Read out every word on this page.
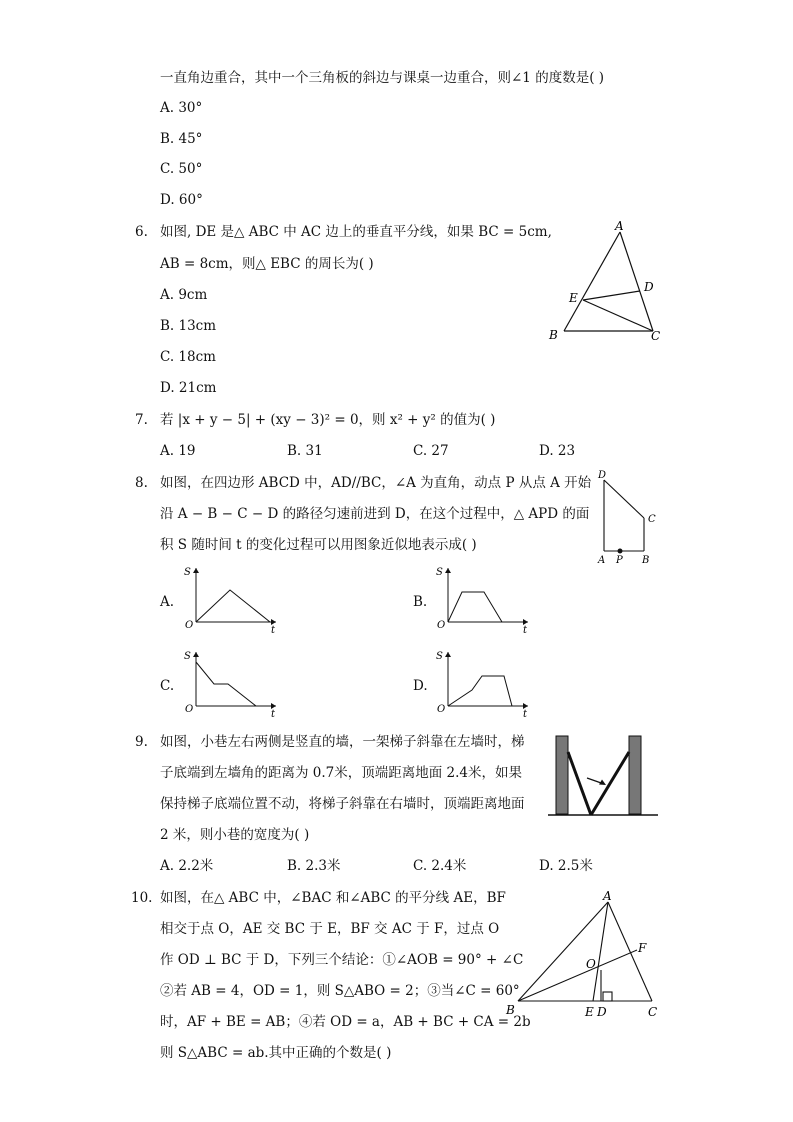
一直角边重合，其中一个三角板的斜边与课桌一边重合，则∠1 的度数是( )
A. 30°
B. 45°
C. 50°
D. 60°
6. 如图, DE 是△ ABC 中 AC 边上的垂直平分线，如果 BC = 5cm,
AB = 8cm，则△ EBC 的周长为( )
A. 9cm
B. 13cm
C. 18cm
D. 21cm
A
D
E
B	C
7. 若 |x + y − 5| + (xy − 3)² = 0，则 x² + y² 的值为( )
A. 19	B. 31	C. 27	D. 23
8. 如图，在四边形 ABCD 中，AD//BC，∠A 为直角，动点 P 从点 A 开始
沿 A − B − C − D 的路径匀速前进到 D，在这个过程中，△ APD 的面
积 S 随时间 t 的变化过程可以用图象近似地表示成( )
D
C
A P B
A.
S
O	t
B.
S
O	t
C.
S
O	t
D.
S
O	t
9. 如图，小巷左右两侧是竖直的墙，一架梯子斜靠在左墙时，梯
子底端到左墙角的距离为 0.7米，顶端距离地面 2.4米，如果
保持梯子底端位置不动，将梯子斜靠在右墙时，顶端距离地面
2 米，则小巷的宽度为( )
A. 2.2米	B. 2.3米	C. 2.4米	D. 2.5米
10. 如图，在△ ABC 中，∠BAC 和∠ABC 的平分线 AE，BF
相交于点 O，AE 交 BC 于 E，BF 交 AC 于 F，过点 O
作 OD ⊥ BC 于 D，下列三个结论：①∠AOB = 90° + ∠C
②若 AB = 4，OD = 1，则 S△ABO = 2；③当∠C = 60°
时，AF + BE = AB；④若 OD = a，AB + BC + CA = 2b
则 S△ABC = ab.其中正确的个数是( )
A
F
O
B	E D	C
